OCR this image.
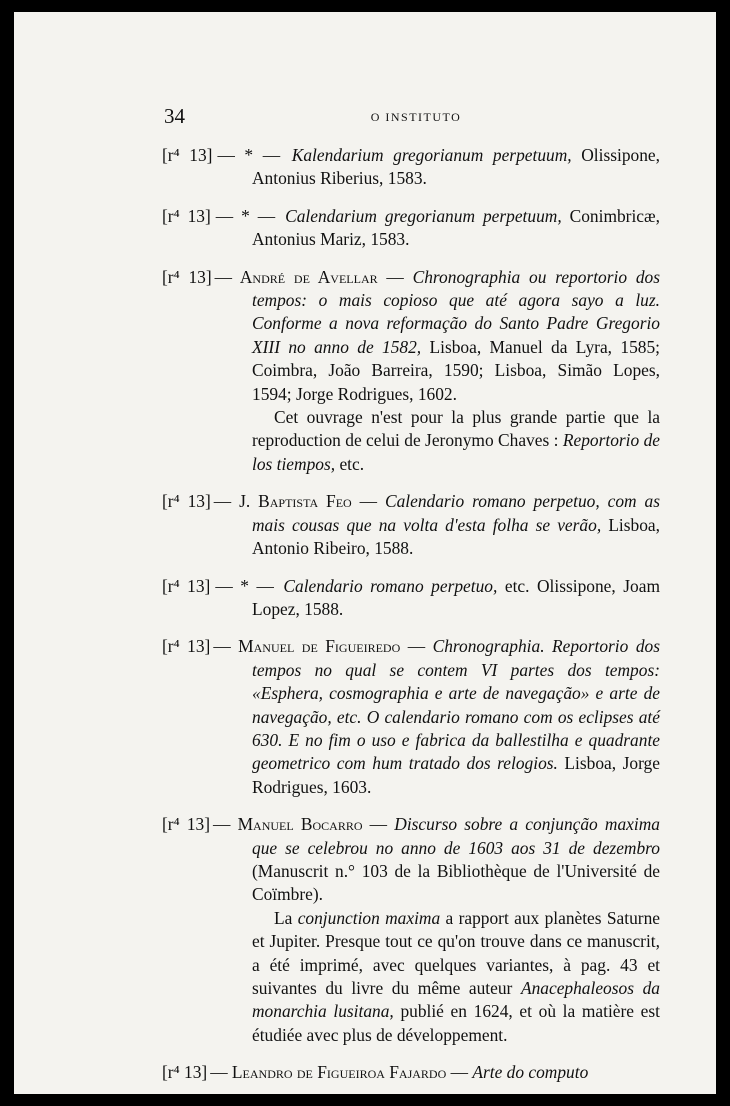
34	O INSTITUTO

[r⁴ 13] — * — Kalendarium gregorianum perpetuum, Olissipone, Antonius Riberius, 1583.

[r⁴ 13] — * — Calendarium gregorianum perpetuum, Conimbricæ, Antonius Mariz, 1583.

[r⁴ 13] — André de Avellar — Chronographia ou reportorio dos tempos: o mais copioso que até agora sayo a luz. Conforme a nova reformação do Santo Padre Gregorio XIII no anno de 1582, Lisboa, Manuel da Lyra, 1585; Coimbra, João Barreira, 1590; Lisboa, Simão Lopes, 1594; Jorge Rodrigues, 1602.

Cet ouvrage n'est pour la plus grande partie que la reproduction de celui de Jeronymo Chaves : Reportorio de los tiempos, etc.

[r⁴ 13] — J. Baptista Feo — Calendario romano perpetuo, com as mais cousas que na volta d'esta folha se verão, Lisboa, Antonio Ribeiro, 1588.

[r⁴ 13] — * — Calendario romano perpetuo, etc. Olissipone, Joam Lopez, 1588.

[r⁴ 13] — Manuel de Figueiredo — Chronographia. Reportorio dos tempos no qual se contem VI partes dos tempos: «Esphera, cosmographia e arte de navegação» e arte de navegação, etc. O calendario romano com os eclipses até 630. E no fim o uso e fabrica da ballestilha e quadrante geometrico com hum tratado dos relogios. Lisboa, Jorge Rodrigues, 1603.

[r⁴ 13] — Manuel Bocarro — Discurso sobre a conjunção maxima que se celebrou no anno de 1603 aos 31 de dezembro (Manuscrit n.° 103 de la Bibliothèque de l'Université de Coïmbre).

La conjunction maxima a rapport aux planètes Saturne et Jupiter. Presque tout ce qu'on trouve dans ce manuscrit, a été imprimé, avec quelques variantes, à pag. 43 et suivantes du livre du même auteur Anacephaleosos da monarchia lusitana, publié en 1624, et où la matière est étudiée avec plus de développement.

[r⁴ 13] — Leandro de Figueiroa Fajardo — Arte do computo
